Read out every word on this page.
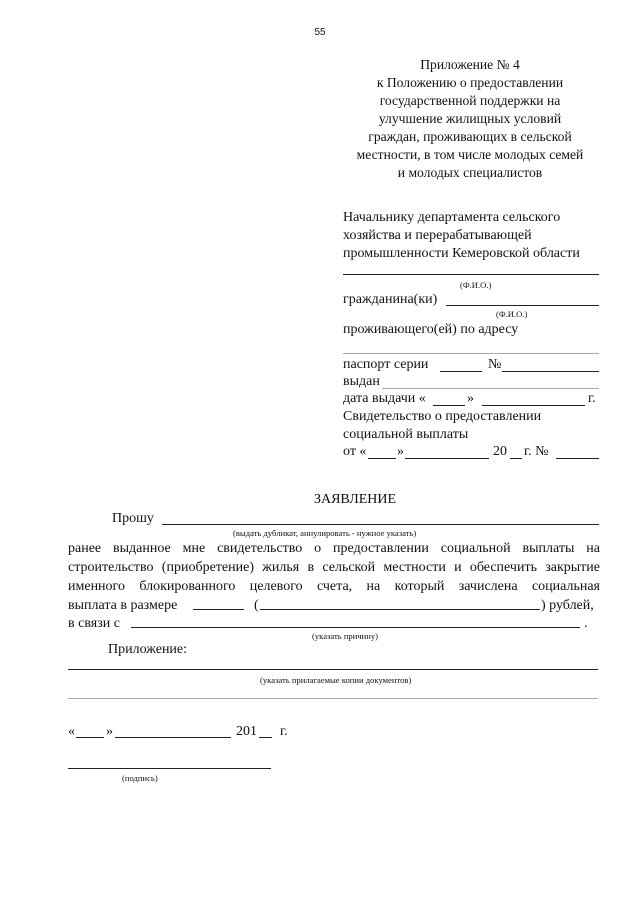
55
Приложение № 4
к Положению о предоставлении
государственной поддержки на
улучшение жилищных условий
граждан, проживающих в сельской
местности, в том числе молодых семей
и молодых специалистов
Начальнику департамента сельского
хозяйства и перерабатывающей
промышленности Кемеровской области
(Ф.И.О.)
гражданина(ки)
(Ф.И.О.)
проживающего(ей) по адресу
паспорт серии	№
выдан
дата выдачи «	»	г.
Свидетельство о предоставлении
социальной выплаты
от « »	20 г. №
ЗАЯВЛЕНИЕ
Прошу
(выдать дубликат, аннулировать - нужное указать)
ранее выданное мне свидетельство о предоставлении социальной выплаты на
строительство (приобретение) жилья в сельской местности и обеспечить закрытие
именного блокированного целевого счета, на который зачислена социальная
выплата в размере	(	) рублей,
в связи с	.
(указать причину)
Приложение:
(указать прилагаемые копии документов)
« »	201 г.
(подпись)
